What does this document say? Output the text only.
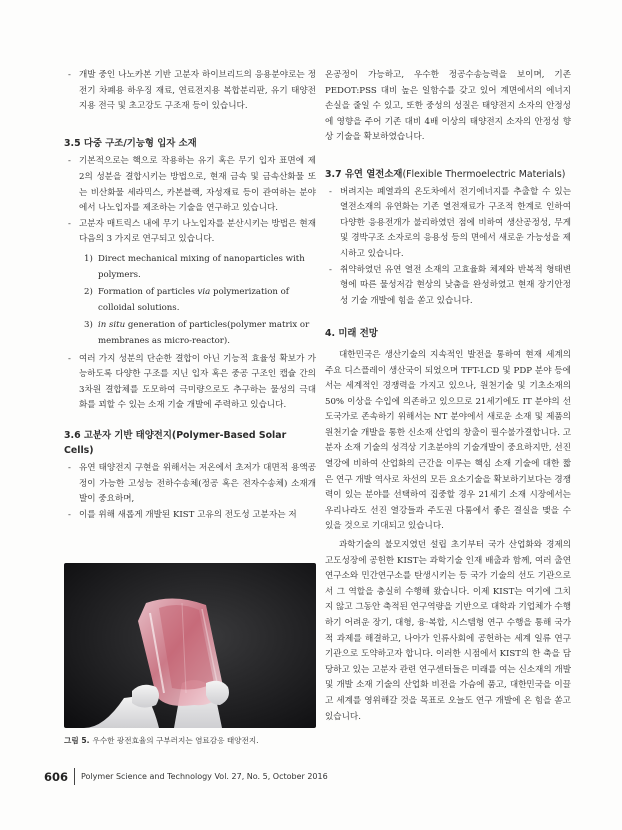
- 개발 중인 나노카본 기반 고분자 하이브리드의 응용분야로는 정전기 차폐용 하우징 재료, 연료전지용 복합분리판, 유기 태양전지용 전극 및 초고강도 구조재 등이 있습니다.

3.5 다중 구조/기능형 입자 소재

- 기본적으로는 핵으로 작용하는 유기 혹은 무기 입자 표면에 제 2의 성분을 결합시키는 방법으로, 현재 금속 및 금속산화물 또는 비산화물 세라믹스, 카본블랙, 자성재료 등이 관여하는 분야에서 나노입자를 제조하는 기술을 연구하고 있습니다.

- 고분자 매트릭스 내에 무기 나노입자를 분산시키는 방법은 현재 다음의 3 가지로 연구되고 있습니다.

1) Direct mechanical mixing of nanoparticles with polymers.

2) Formation of particles via polymerization of colloidal solutions.

3) in situ generation of particles(polymer matrix or membranes as micro-reactor).

- 여러 가지 성분의 단순한 결합이 아닌 기능적 효율성 확보가 가능하도록 다양한 구조를 지닌 입자 혹은 중공 구조인 캡슐 간의 3차원 결합체를 도모하여 극미량으로도 추구하는 물성의 극대화를 꾀할 수 있는 소재 기술 개발에 주력하고 있습니다.

3.6 고분자 기반 태양전지(Polymer-Based Solar Cells)

- 유연 태양전지 구현을 위해서는 저온에서 초저가 대면적 용액공정이 가능한 고성능 전하수송체(정공 혹은 전자수송체) 소재개발이 중요하며,

- 이를 위해 새롭게 개발된 KIST 고유의 전도성 고분자는 저

그림 5. 우수한 광전효율의 구부러지는 염료감응 태양전지.

온공정이 가능하고, 우수한 정공수송능력을 보이며, 기존 PEDOT:PSS 대비 높은 일함수를 갖고 있어 계면에서의 에너지 손실을 줄일 수 있고, 또한 중성의 성질은 태양전지 소자의 안정성에 영향을 주어 기존 대비 4배 이상의 태양전지 소자의 안정성 향상 기술을 확보하였습니다.

3.7 유연 열전소재(Flexible Thermoelectric Materials)

- 버려지는 폐열과의 온도차에서 전기에너지를 추출할 수 있는 열전소재의 유연화는 기존 열전재료가 구조적 한계로 인하여 다양한 응용전개가 불리하였던 점에 비하여 생산공정성, 무게 및 경박구조 소자로의 응용성 등의 면에서 새로운 가능성을 제시하고 있습니다.

- 취약하였던 유연 열전 소재의 고효율화 체제와 반복적 형태변형에 따른 물성저감 현상의 낮춤을 완성하였고 현재 장기안정성 기술 개발에 힘을 쏟고 있습니다.

4. 미래 전망

대한민국은 생산기술의 지속적인 발전을 통하여 현재 세계의 주요 디스플레이 생산국이 되었으며 TFT-LCD 및 PDP 분야 등에서는 세계적인 경쟁력을 가지고 있으나, 원천기술 및 기초소재의 50% 이상을 수입에 의존하고 있으므로 21세기에도 IT 분야의 선도국가로 존속하기 위해서는 NT 분야에서 새로운 소재 및 제품의 원천기술 개발을 통한 신소재 산업의 창출이 필수불가결합니다. 고분자 소재 기술의 성격상 기초분야의 기술개발이 중요하지만, 선진 열강에 비하여 산업화의 근간을 이루는 핵심 소재 기술에 대한 짧은 연구 개발 역사로 차선의 모든 요소기술을 확보하기보다는 경쟁력이 있는 분야를 선택하여 집중할 경우 21세기 소재 시장에서는 우리나라도 선진 열강들과 주도권 다툼에서 좋은 결실을 맺을 수 있을 것으로 기대되고 있습니다.

과학기술의 불모지였던 설립 초기부터 국가 산업화와 경제의 고도성장에 공헌한 KIST는 과학기술 인재 배출과 함께, 여러 출연 연구소와 민간연구소를 탄생시키는 등 국가 기술의 선도 기관으로서 그 역할을 충실히 수행해 왔습니다. 이제 KIST는 여기에 그치지 않고 그동안 축적된 연구역량을 기반으로 대학과 기업체가 수행하기 어려운 장기, 대형, 융·복합, 시스템형 연구 수행을 통해 국가적 과제를 해결하고, 나아가 인류사회에 공헌하는 세계 일류 연구기관으로 도약하고자 합니다. 이러한 시점에서 KIST의 한 축을 담당하고 있는 고분자 관련 연구센터들은 미래를 여는 신소재의 개발 및 개발 소재 기술의 산업화 비전을 가슴에 품고, 대한민국을 이끌고 세계를 영위해갈 것을 목표로 오늘도 연구 개발에 온 힘을 쏟고 있습니다.

606 Polymer Science and Technology Vol. 27, No. 5, October 2016
